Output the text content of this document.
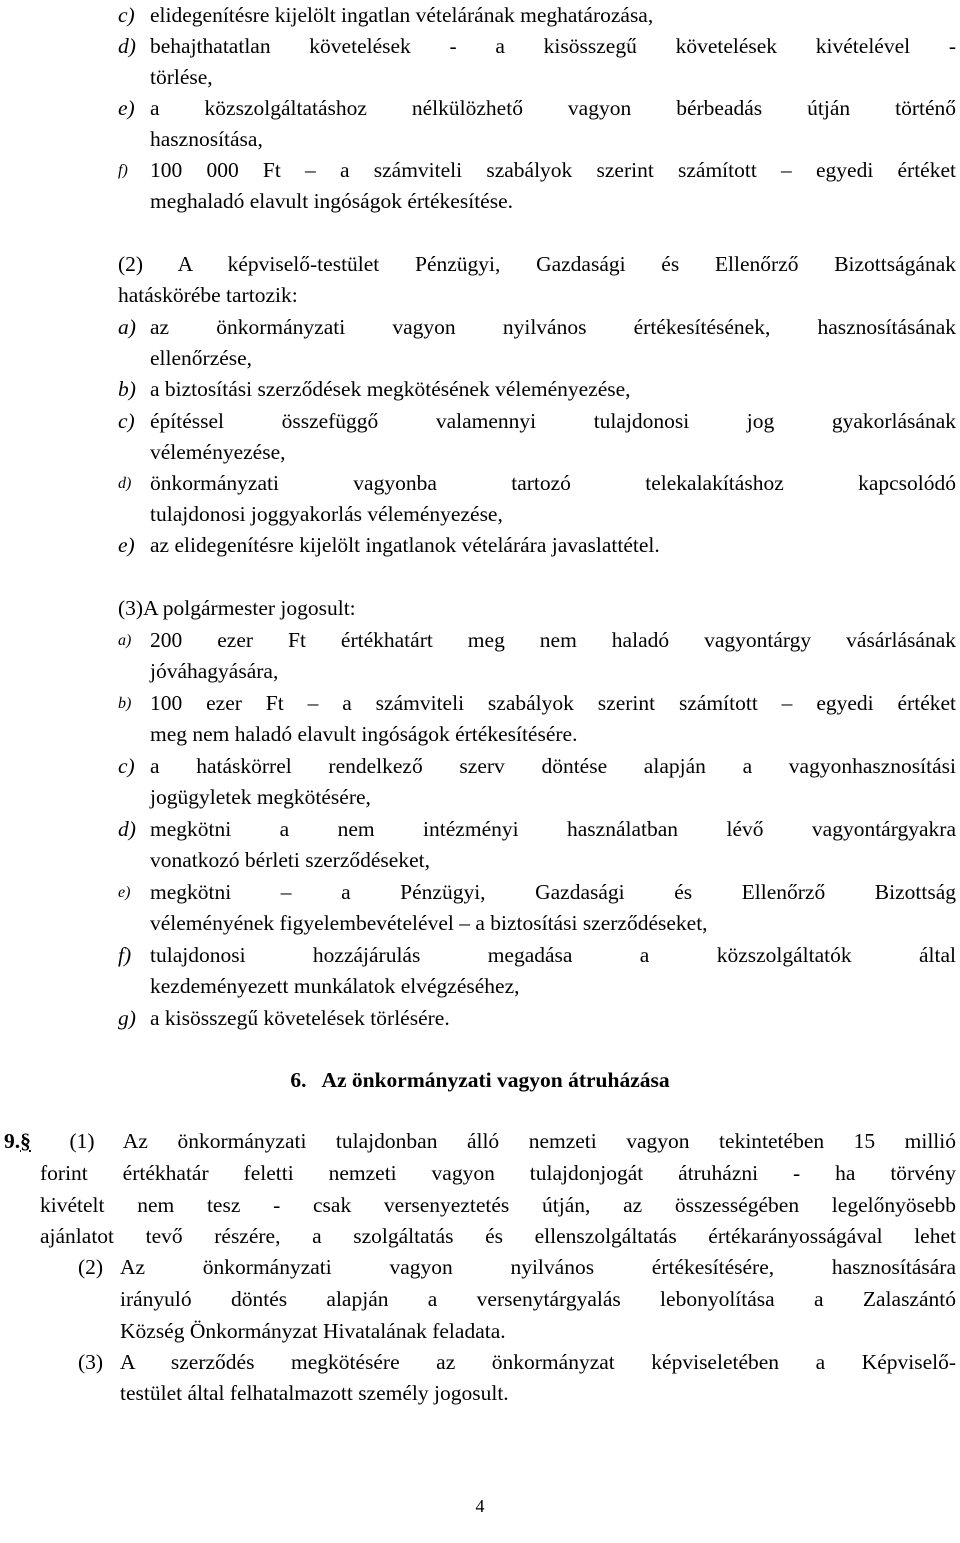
c) elidegenítésre kijelölt ingatlan vételárának meghatározása,
d) behajthatatlan követelések - a kisösszegű követelések kivételével -
törlése,
e) a közszolgáltatáshoz nélkülözhető vagyon bérbeadás útján történő
hasznosítása,
f) 100 000 Ft – a számviteli szabályok szerint számított – egyedi értéket
meghaladó elavult ingóságok értékesítése.
(2) A képviselő-testület Pénzügyi, Gazdasági és Ellenőrző Bizottságának
hatáskörébe tartozik:
a) az önkormányzati vagyon nyilvános értékesítésének, hasznosításának
ellenőrzése,
b) a biztosítási szerződések megkötésének véleményezése,
c) építéssel összefüggő valamennyi tulajdonosi jog gyakorlásának
véleményezése,
d) önkormányzati vagyonba tartozó telekalakításhoz kapcsolódó
tulajdonosi joggyakorlás véleményezése,
e) az elidegenítésre kijelölt ingatlanok vételárára javaslattétel.
(3)A polgármester jogosult:
a) 200 ezer Ft értékhatárt meg nem haladó vagyontárgy vásárlásának
jóváhagyására,
b) 100 ezer Ft – a számviteli szabályok szerint számított – egyedi értéket
meg nem haladó elavult ingóságok értékesítésére.
c) a hatáskörrel rendelkező szerv döntése alapján a vagyonhasznosítási
jogügyletek megkötésére,
d) megkötni a nem intézményi használatban lévő vagyontárgyakra
vonatkozó bérleti szerződéseket,
e) megkötni – a Pénzügyi, Gazdasági és Ellenőrző Bizottság
véleményének figyelembevételével – a biztosítási szerződéseket,
f) tulajdonosi hozzájárulás megadása a közszolgáltatók által
kezdeményezett munkálatok elvégzéséhez,
g) a kisösszegű követelések törlésére.
6.   Az önkormányzati vagyon átruházása
9.§ (1) Az önkormányzati tulajdonban álló nemzeti vagyon tekintetében 15 millió
forint értékhatár feletti nemzeti vagyon tulajdonjogát átruházni - ha törvény
kivételt nem tesz - csak versenyeztetés útján, az összességében legelőnyösebb
ajánlatot tevő részére, a szolgáltatás és ellenszolgáltatás értékarányosságával lehet
(2) Az önkormányzati vagyon nyilvános értékesítésére, hasznosítására
irányuló döntés alapján a versenytárgyalás lebonyolítása a Zalaszántó
Község Önkormányzat Hivatalának feladata.
(3) A szerződés megkötésére az önkormányzat képviseletében a Képviselő-
testület által felhatalmazott személy jogosult.
4
